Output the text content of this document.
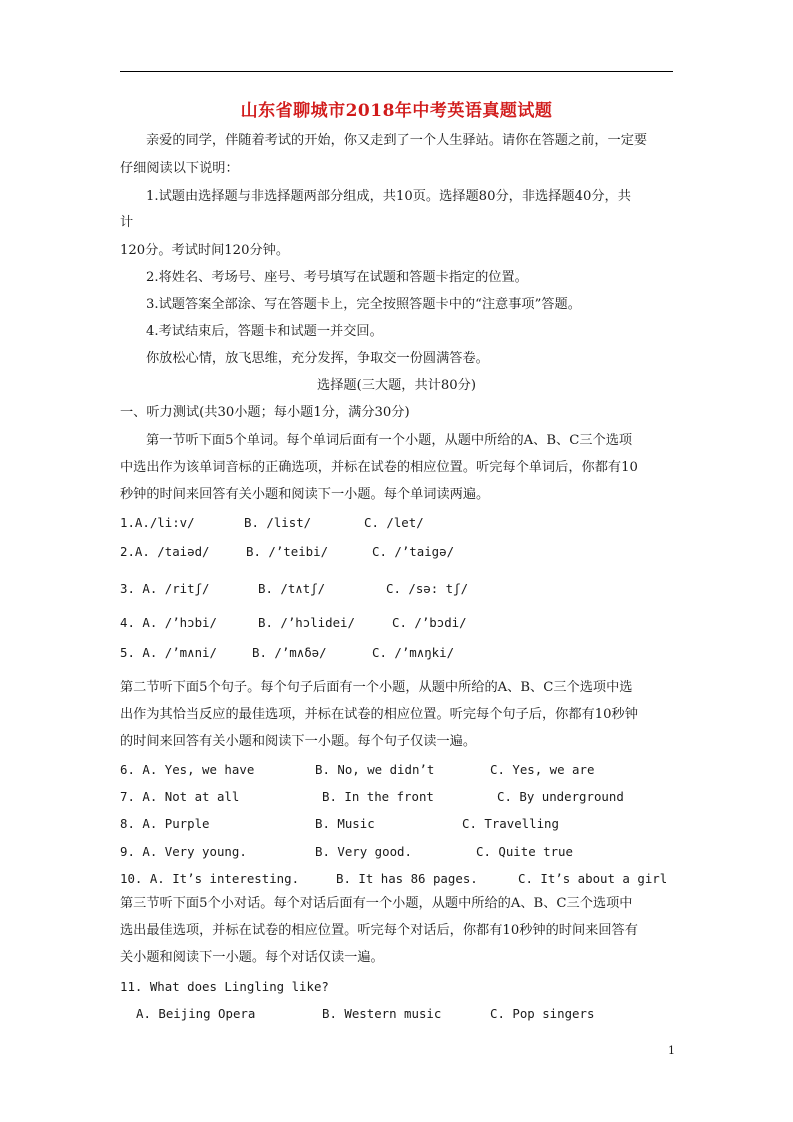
山东省聊城市2018年中考英语真题试题
亲爱的同学，伴随着考试的开始，你又走到了一个人生驿站。请你在答题之前，一定要
仔细阅读以下说明：
1.试题由选择题与非选择题两部分组成，共10页。选择题80分，非选择题40分，共
计
120分。考试时间120分钟。
2.将姓名、考场号、座号、考号填写在试题和答题卡指定的位置。
3.试题答案全部涂、写在答题卡上，完全按照答题卡中的“注意事项”答题。
4.考试结束后，答题卡和试题一并交回。
你放松心情，放飞思维，充分发挥，争取交一份圆满答卷。
选择题(三大题，共计80分)
一、听力测试(共30小题；每小题1分，满分30分)
第一节听下面5个单词。每个单词后面有一个小题，从题中所给的A、B、C三个选项
中选出作为该单词音标的正确选项，并标在试卷的相应位置。听完每个单词后，你都有10
秒钟的时间来回答有关小题和阅读下一小题。每个单词读两遍。
1.A./li:v/	B. /list/	C. /let/
2.A. /taiəd/	B. /’teibi/	C. /’taigə/
3. A. /ritʃ/	B. /t∧tʃ/	C. /sə: tʃ/
4. A. /’hɔbi/	B. /’hɔlidei/	C. /’bɔdi/
5. A. /’m∧ni/	B. /’m∧δə/	C. /’m∧ŋki/
第二节听下面5个句子。每个句子后面有一个小题，从题中所给的A、B、C三个选项中选
出作为其恰当反应的最佳选项，并标在试卷的相应位置。听完每个句子后，你都有10秒钟
的时间来回答有关小题和阅读下一小题。每个句子仅读一遍。
6. A. Yes, we have	B. No, we didn’t	C. Yes, we are
7. A. Not at all	B. In the front	C. By underground
8. A. Purple	B. Music	C. Travelling
9. A. Very young.	B. Very good.	C. Quite true
10. A. It’s interesting.	B. It has 86 pages.	C. It’s about a girl
第三节听下面5个小对话。每个对话后面有一个小题，从题中所给的A、B、C三个选项中
选出最佳选项，并标在试卷的相应位置。听完每个对话后，你都有10秒钟的时间来回答有
关小题和阅读下一小题。每个对话仅读一遍。
11. What does Lingling like?
A. Beijing Opera	B. Western music	C. Pop singers
1
